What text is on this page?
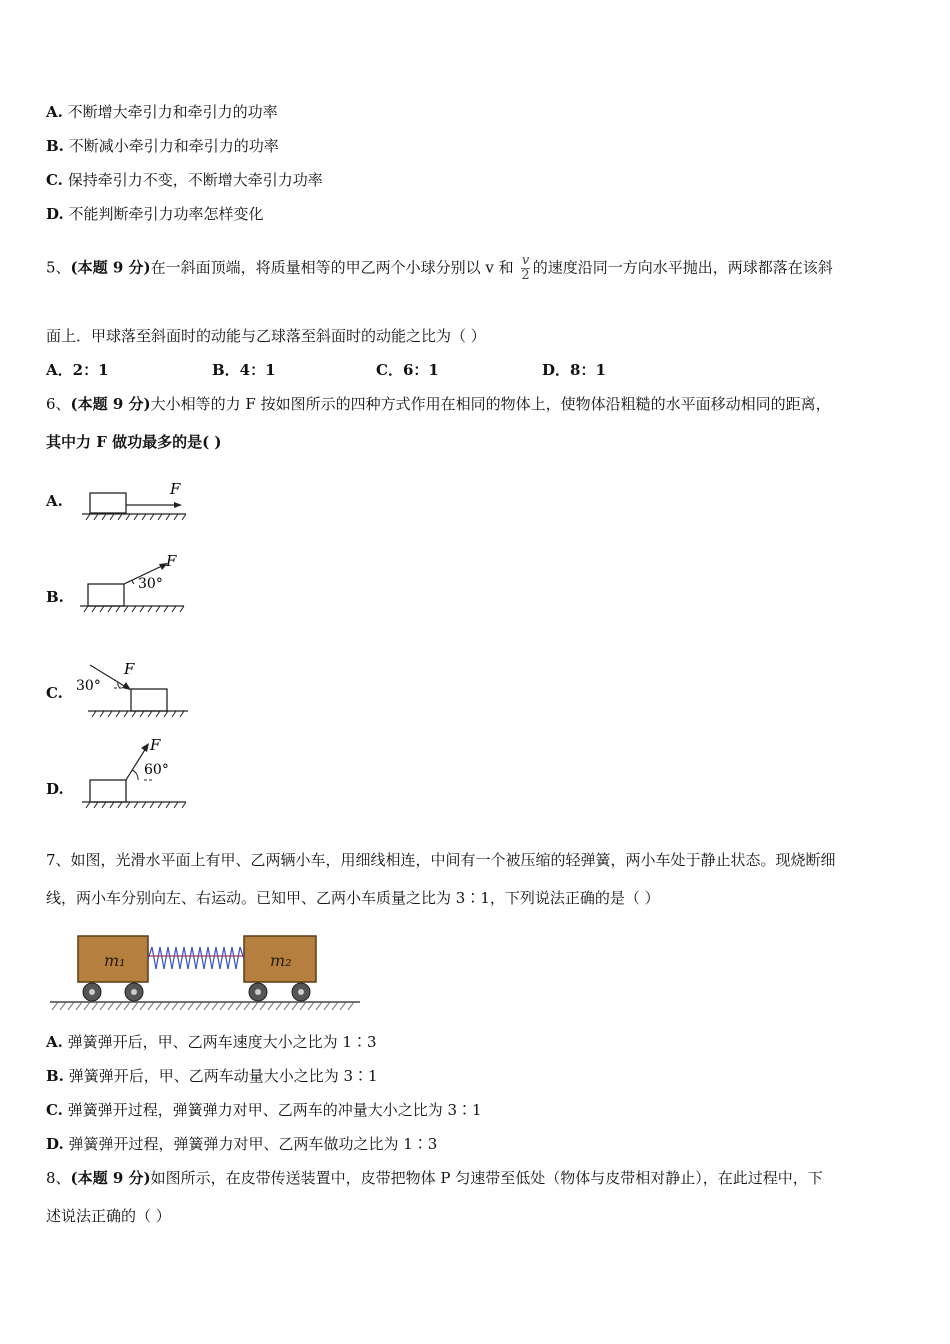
A. 不断增大牵引力和牵引力的功率
B. 不断减小牵引力和牵引力的功率
C. 保持牵引力不变，不断增大牵引力功率
D. 不能判断牵引力功率怎样变化
5、(本题 9 分)在一斜面顶端，将质量相等的甲乙两个小球分别以 v 和 $\frac{v}{2}$ 的速度沿同一方向水平抛出，两球都落在该斜
面上．甲球落至斜面时的动能与乙球落至斜面时的动能之比为（ ）
A．2：1	B．4：1	C．6：1	D．8：1
6、(本题 9 分)大小相等的力 F 按如图所示的四种方式作用在相同的物体上，使物体沿粗糙的水平面移动相同的距离，
其中力 F 做功最多的是( )
A.
F
B.
F
30°
C. 30°
F
D.
F
60°
7、如图，光滑水平面上有甲、乙两辆小车，用细线相连，中间有一个被压缩的轻弹簧，两小车处于静止状态。现烧断细
线，两小车分别向左、右运动。已知甲、乙两小车质量之比为 3∶1，下列说法正确的是（ ）
m₁	m₂
A. 弹簧弹开后，甲、乙两车速度大小之比为 1∶3
B. 弹簧弹开后，甲、乙两车动量大小之比为 3∶1
C. 弹簧弹开过程，弹簧弹力对甲、乙两车的冲量大小之比为 3∶1
D. 弹簧弹开过程，弹簧弹力对甲、乙两车做功之比为 1∶3
8、(本题 9 分)如图所示，在皮带传送装置中，皮带把物体 P 匀速带至低处（物体与皮带相对静止），在此过程中，下
述说法正确的（ ）
